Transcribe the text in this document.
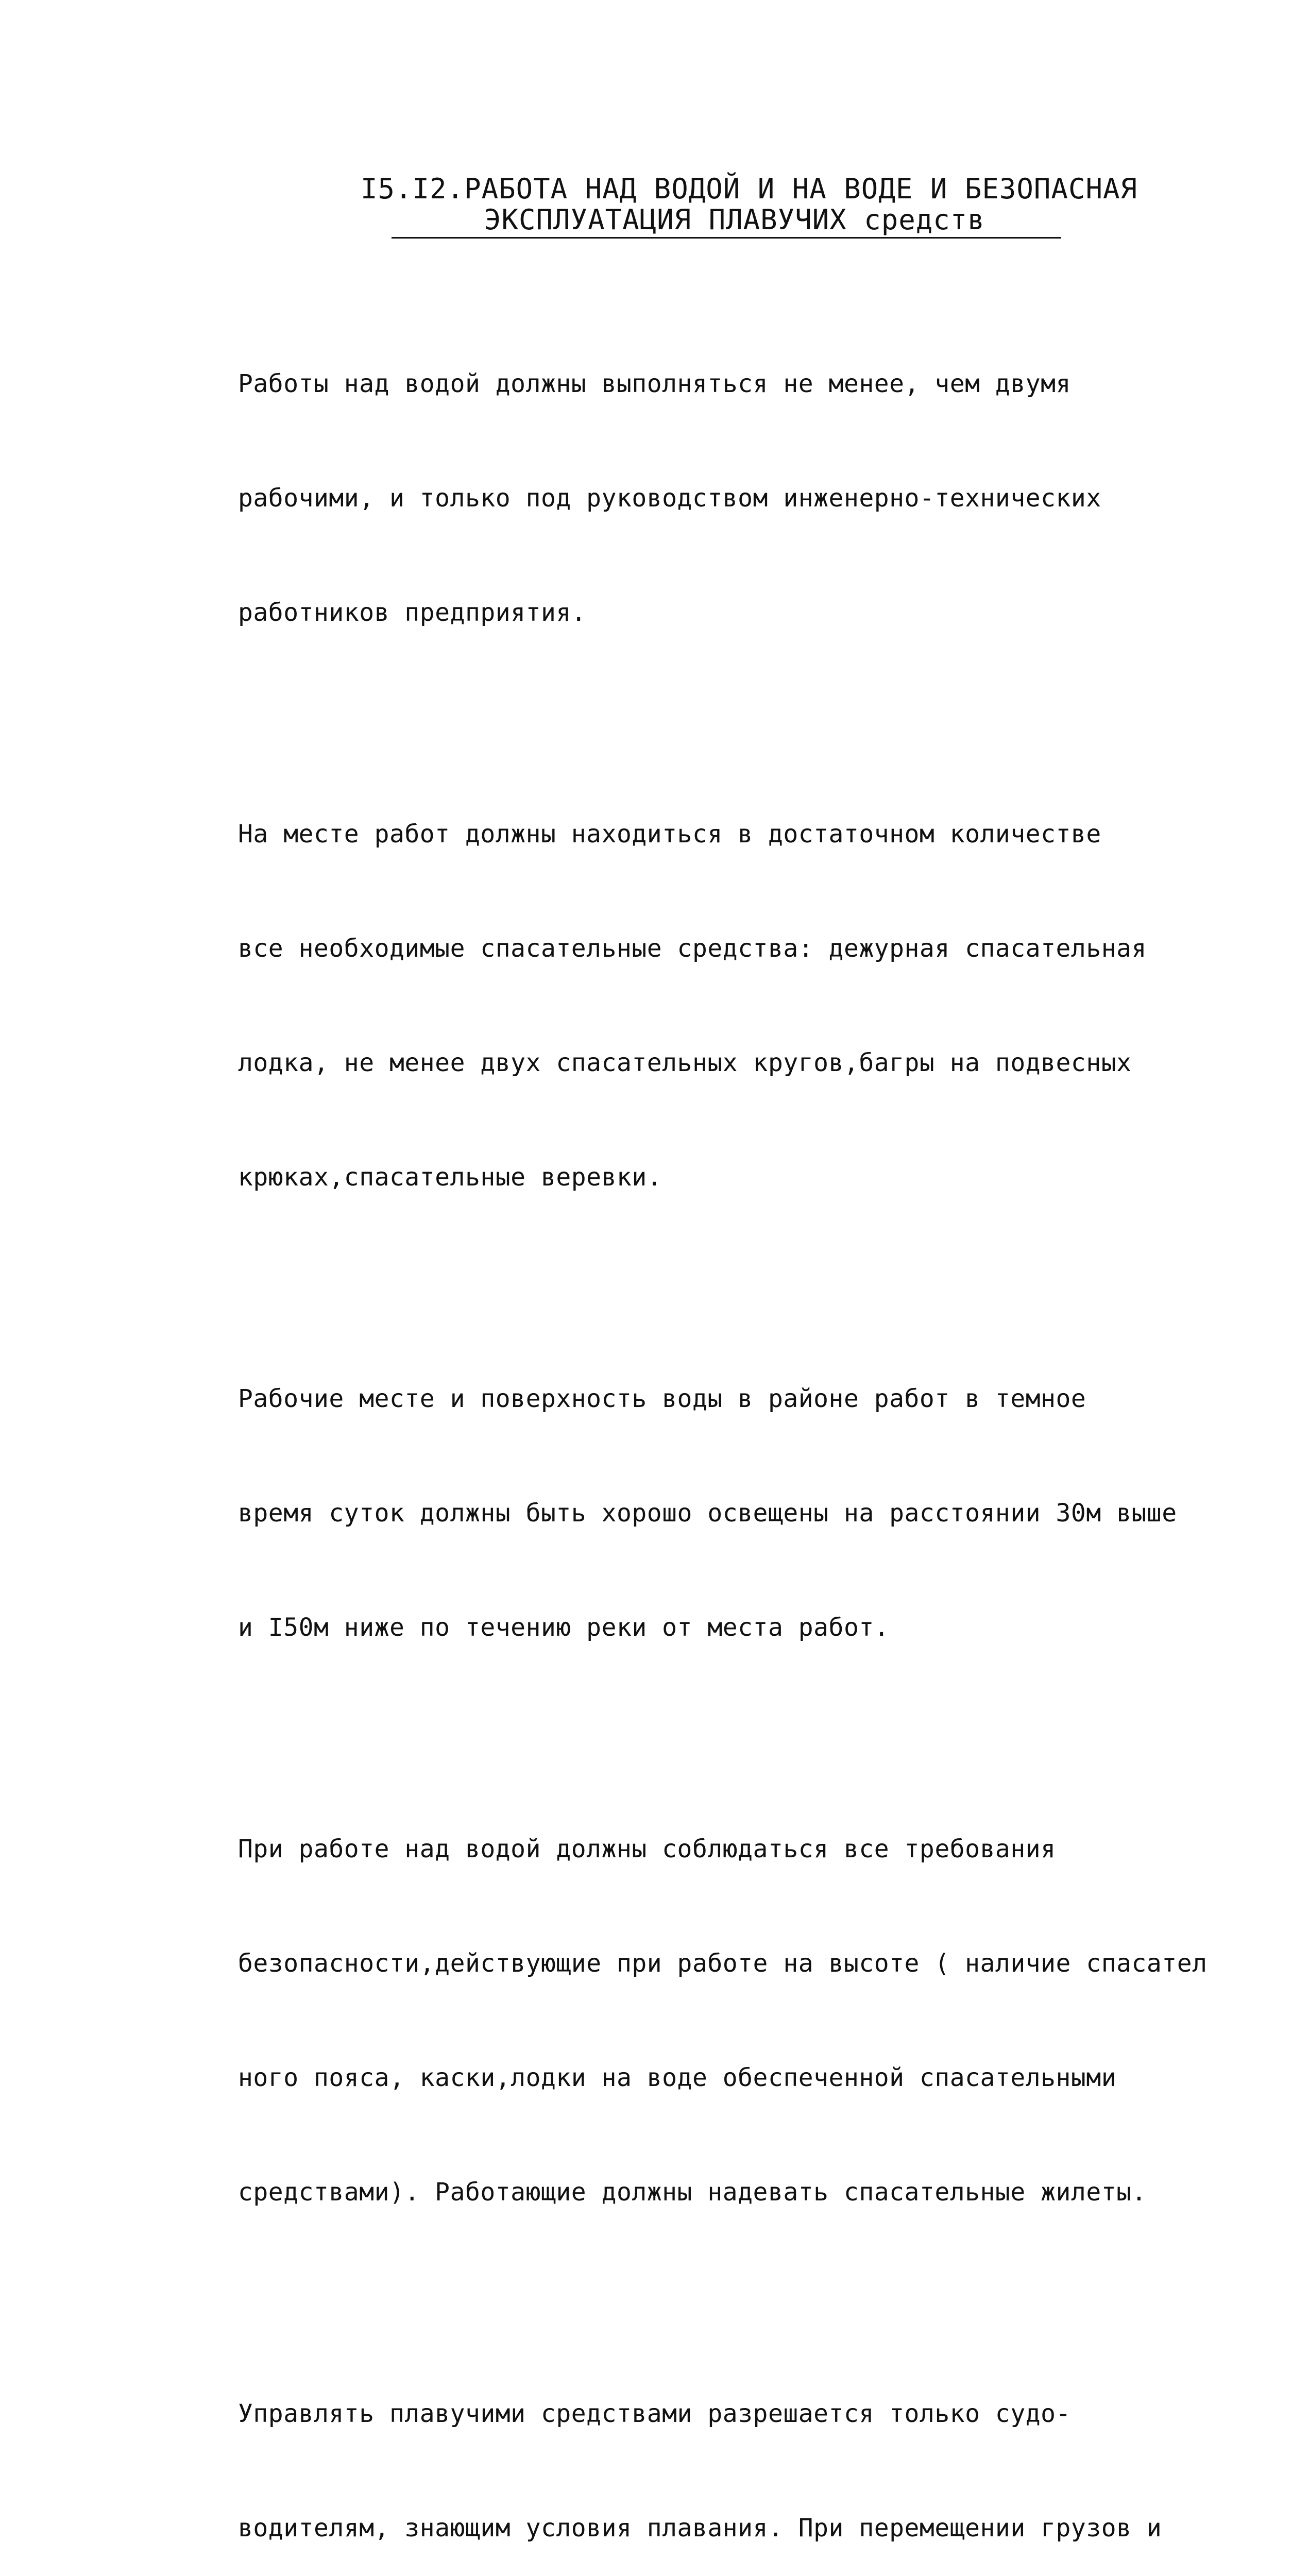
I5.I2.РАБОТА НАД ВОДОЙ И НА ВОДЕ И БЕЗОПАСНАЯ
ЭКСПЛУАТАЦИЯ ПЛАВУЧИХ средств

Работы над водой должны выполняться не менее, чем двумя

рабочими, и только под руководством инженерно-технических

работников предприятия.

На месте работ должны находиться в достаточном количестве

все необходимые спасательные средства: дежурная спасательная

лодка, не менее двух спасательных кругов,багры на подвесных

крюках,спасательные веревки.

Рабочие месте и поверхность воды в районе работ в темное

время суток должны быть хорошо освещены на расстоянии 30м выше

и I50м ниже по течению реки от места работ.

При работе над водой должны соблюдаться все требования

безопасности,действующие при работе на высоте ( наличие спасател

ного пояса, каски,лодки на воде обеспеченной спасательными

средствами). Работающие должны надевать спасательные жилеты.

Управлять плавучими средствами разрешается только судо-

водителям, знающим условия плавания. При перемещении грузов и
